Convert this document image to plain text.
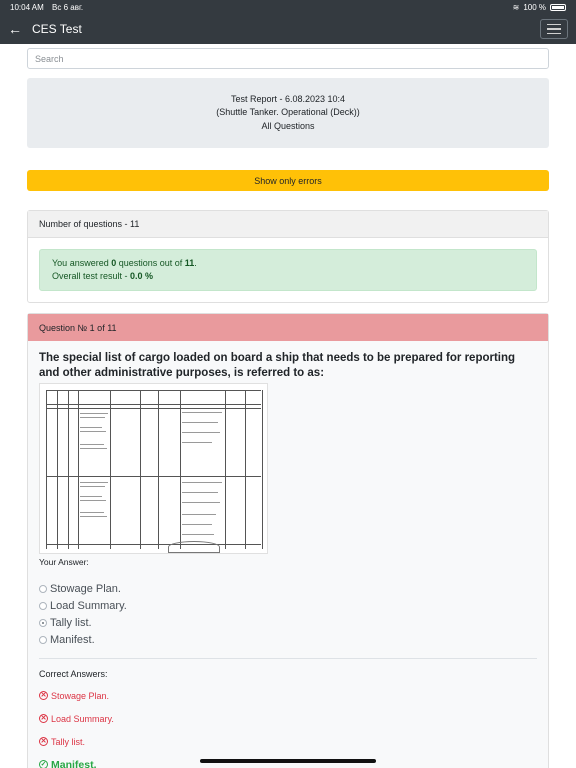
10:04 AM Вс 6 авг.	≋ 100 %
← CES Test
Search
Test Report - 6.08.2023 10:4
(Shuttle Tanker. Operational (Deck))
All Questions
Show only errors
Number of questions - 11
You answered 0 questions out of 11.
Overall test result - 0.0 %
Question № 1 of 11
The special list of cargo loaded on board a ship that needs to be prepared for reporting and other administrative purposes, is referred to as:
Your Answer:
Stowage Plan.
Load Summary.
Tally list.
Manifest.
Correct Answers:
✕ Stowage Plan.
✕ Load Summary.
✕ Tally list.
✓ Manifest.
